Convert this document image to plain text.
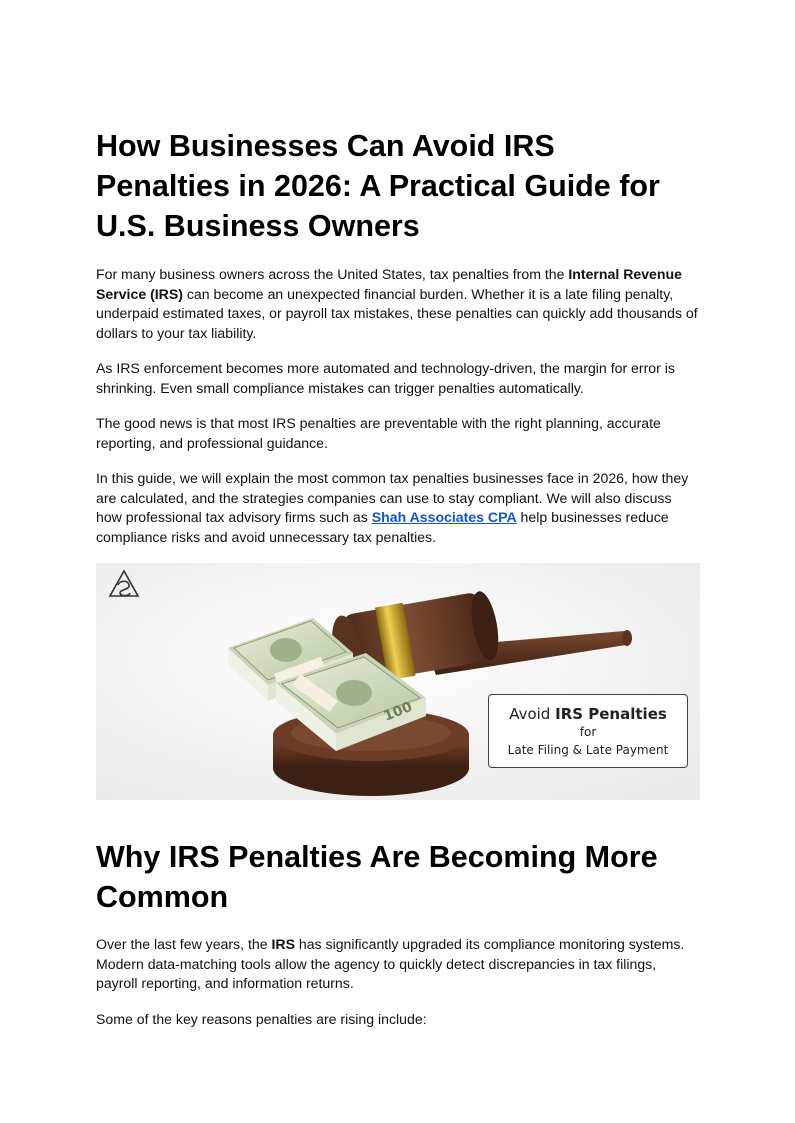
How Businesses Can Avoid IRS
Penalties in 2026: A Practical Guide for
U.S. Business Owners

For many business owners across the United States, tax penalties from the Internal Revenue Service (IRS) can become an unexpected financial burden. Whether it is a late filing penalty, underpaid estimated taxes, or payroll tax mistakes, these penalties can quickly add thousands of dollars to your tax liability.

As IRS enforcement becomes more automated and technology-driven, the margin for error is shrinking. Even small compliance mistakes can trigger penalties automatically.

The good news is that most IRS penalties are preventable with the right planning, accurate reporting, and professional guidance.

In this guide, we will explain the most common tax penalties businesses face in 2026, how they are calculated, and the strategies companies can use to stay compliant. We will also discuss how professional tax advisory firms such as Shah Associates CPA help businesses reduce compliance risks and avoid unnecessary tax penalties.

100	Avoid IRS Penalties
for
Late Filing & Late Payment
Why IRS Penalties Are Becoming More
Common

Over the last few years, the IRS has significantly upgraded its compliance monitoring systems. Modern data-matching tools allow the agency to quickly detect discrepancies in tax filings, payroll reporting, and information returns.

Some of the key reasons penalties are rising include:
